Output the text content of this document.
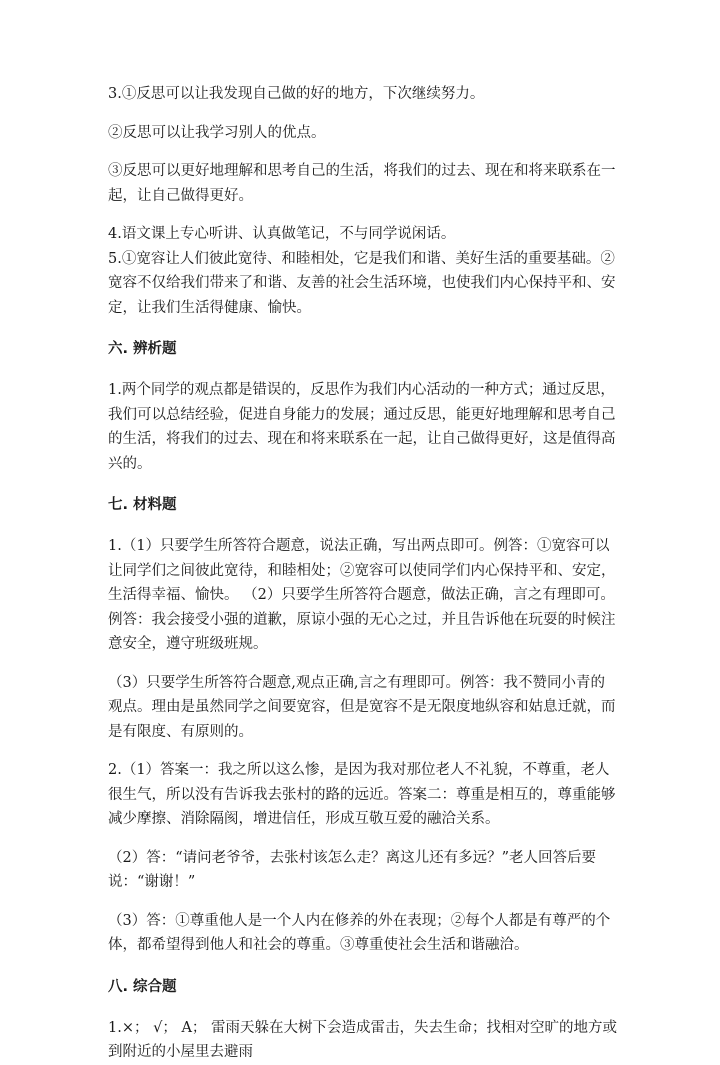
3.①反思可以让我发现自己做的好的地方，下次继续努力。

②反思可以让我学习别人的优点。

③反思可以更好地理解和思考自己的生活，将我们的过去、现在和将来联系在一起，让自己做得更好。

4.语文课上专心听讲、认真做笔记，不与同学说闲话。

5.①宽容让人们彼此宽待、和睦相处，它是我们和谐、美好生活的重要基础。②宽容不仅给我们带来了和谐、友善的社会生活环境，也使我们内心保持平和、安定，让我们生活得健康、愉快。

六. 辨析题

1.两个同学的观点都是错误的，反思作为我们内心活动的一种方式；通过反思，我们可以总结经验，促进自身能力的发展；通过反思，能更好地理解和思考自己的生活，将我们的过去、现在和将来联系在一起，让自己做得更好，这是值得高兴的。

七. 材料题

1.（1）只要学生所答符合题意，说法正确，写出两点即可。例答：①宽容可以让同学们之间彼此宽待，和睦相处；②宽容可以使同学们内心保持平和、安定，生活得幸福、愉快。 （2）只要学生所答符合题意，做法正确，言之有理即可。例答：我会接受小强的道歉，原谅小强的无心之过，并且告诉他在玩耍的时候注意安全，遵守班级班规。

（3）只要学生所答符合题意,观点正确,言之有理即可。例答：我不赞同小青的观点。理由是虽然同学之间要宽容，但是宽容不是无限度地纵容和姑息迁就，而是有限度、有原则的。

2.（1）答案一：我之所以这么惨，是因为我对那位老人不礼貌，不尊重，老人很生气，所以没有告诉我去张村的路的远近。答案二：尊重是相互的，尊重能够减少摩擦、消除隔阂，增进信任，形成互敬互爱的融洽关系。

（2）答：“请问老爷爷，去张村该怎么走？离这儿还有多远？”老人回答后要说：“谢谢！”

（3）答：①尊重他人是一个人内在修养的外在表现；②每个人都是有尊严的个体，都希望得到他人和社会的尊重。③尊重使社会生活和谐融洽。

八. 综合题

1.×； √； A； 雷雨天躲在大树下会造成雷击，失去生命；找相对空旷的地方或到附近的小屋里去避雨
